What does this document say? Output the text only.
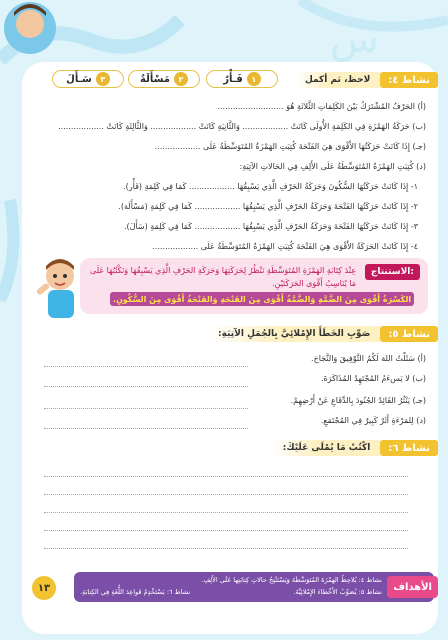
س
١
فَـأْرٌ
٢
مَسْأَلَةٌ
٣
سَـأَلَ	نشاط ٤:
لاحظ، ثم أكمل
(أ) الحَرْفُ المُشْتَرَكُ بَيْنَ الكَلِمَاتِ الثَّلاثَةِ هُوَ ..........................
(ب) حَرَكَةُ الهَمْزَةِ فِي الكَلِمَةِ الأُولَى كَانَتْ .................. وَالثَّانِيَةِ كَانَتْ .................. وَالثَّالِثَةِ كَانَتْ ..................
(جـ) إِذَا كَانَتْ حَرَكَتُهَا الأَقْوَى هِيَ الفَتْحَةَ كُتِبَتِ الهَمْزَةُ المُتَوَسِّطَةُ عَلَى ..................
(د) كُتِبَتِ الهَمْزَةُ المُتَوَسِّطَةُ عَلَى الأَلِفِ فِي الحَالاتِ الآتِيَةِ:
١- إِذَا كَانَتْ حَرَكَتُهَا السُّكُونَ وَحَرَكَةُ الحَرْفِ الَّذِي يَسْبِقُهَا .................. كَمَا فِي كَلِمَةِ (فَأْر).
٢- إِذَا كَانَتْ حَرَكَتُهَا الفَتْحَةَ وَحَرَكَةُ الحَرْفِ الَّذِي يَسْبِقُهَا .................. كَمَا فِي كَلِمَةِ (مَسْأَلَة).
٣- إِذَا كَانَتْ حَرَكَتُهَا الفَتْحَةَ وَحَرَكَةُ الحَرْفِ الَّذِي يَسْبِقُهَا .................. كَمَا فِي كَلِمَةِ (سَأَلَ).
٤- إِذَا كَانَتْ الحَرَكَةُ الأَقْوَى هِيَ الفَتْحَةَ كُتِبَتِ الهَمْزَةُ المُتَوَسِّطَةُ عَلَى ..................
الاستنتاج:
عِنْدَ كِتَابَةِ الهَمْزَةِ المُتَوَسِّطَةِ نَنْظُرُ لِحَرَكَتِهَا وَحَرَكَةِ الحَرْفِ الَّذِي يَسْبِقُهَا وَنَكْتُبُهَا عَلَى مَا يُنَاسِبُ أَقْوَى الحَرَكَتَيْنِ.
الكَسْرَةُ أَقْوَى مِنَ الضَّمَّةِ وَالضَّمَّةُ أَقْوَى مِنَ الفَتْحَةِ وَالفَتْحَةُ أَقْوَى مِنَ السُّكُونِ.
نشاط ٥:
صَوِّبِ الخَطَأَ الإِمْلائِيَّ بِالجُمَلِ الآتِيَةِ:
(أ) سَئَلْتُ اللهَ لَكُمُ التَّوْفِيقَ وَالنَّجَاحَ.
(ب) لا يَسءَمُ المُجْتَهِدُ المُذَاكَرَةَ.
(جـ) يَنْثُرُ القَائِدُ الجُنُودَ بِالدِّفَاعِ عَنْ أَرْضِهِمْ.
(د) لِلمَرْءَةِ أَثَرٌ كَبِيرٌ فِي المُجْتَمَعِ.
نشاط ٦:
اكْتُبْ مَا يُمْلَى عَلَيْكَ:
الأهداف
نشاط ٤: يُلاحِظُ الهَمْزَةَ المُتَوَسِّطَةَ وَيَسْتَنْتِجُ حالاتِ كِتابَتِها عَلَى الأَلِفِ.
نشاط ٥: يُصَوِّبُ الأَخْطاءَ الإِمْلائِيَّةَ.
نشاط ٦: يَسْتَخْدِمُ قَواعِدَ اللُّغَةِ فِي الكِتابَةِ.
١٣
